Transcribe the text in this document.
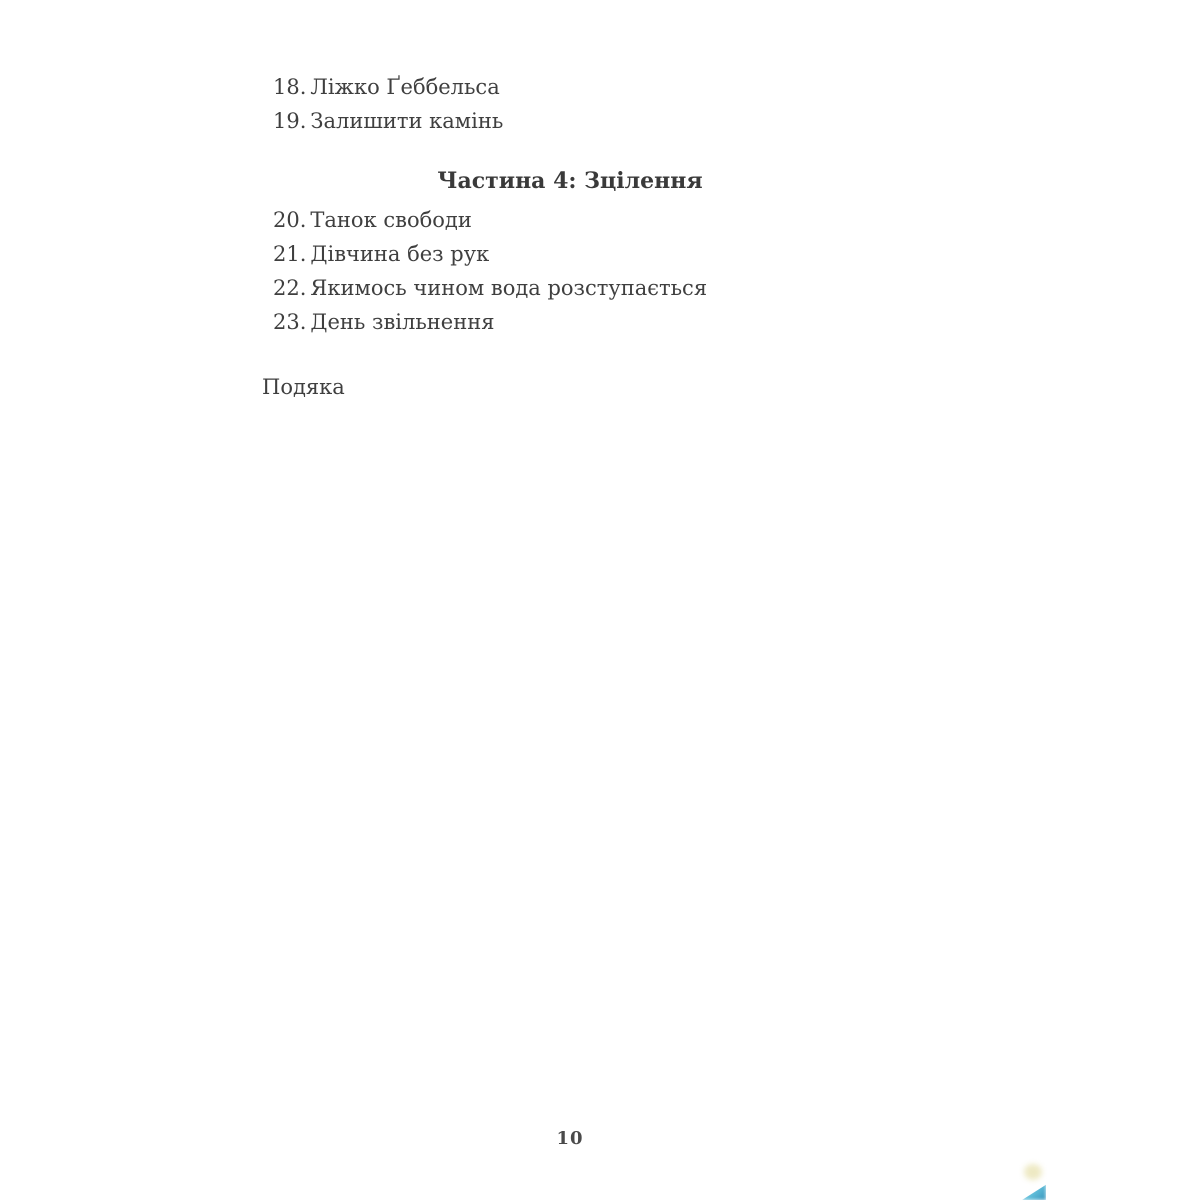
18. Ліжко Ґеббельса
19. Залишити камінь
Частина 4: Зцілення
20. Танок свободи
21. Дівчина без рук
22. Якимось чином вода розступається
23. День звільнення
Подяка
10
